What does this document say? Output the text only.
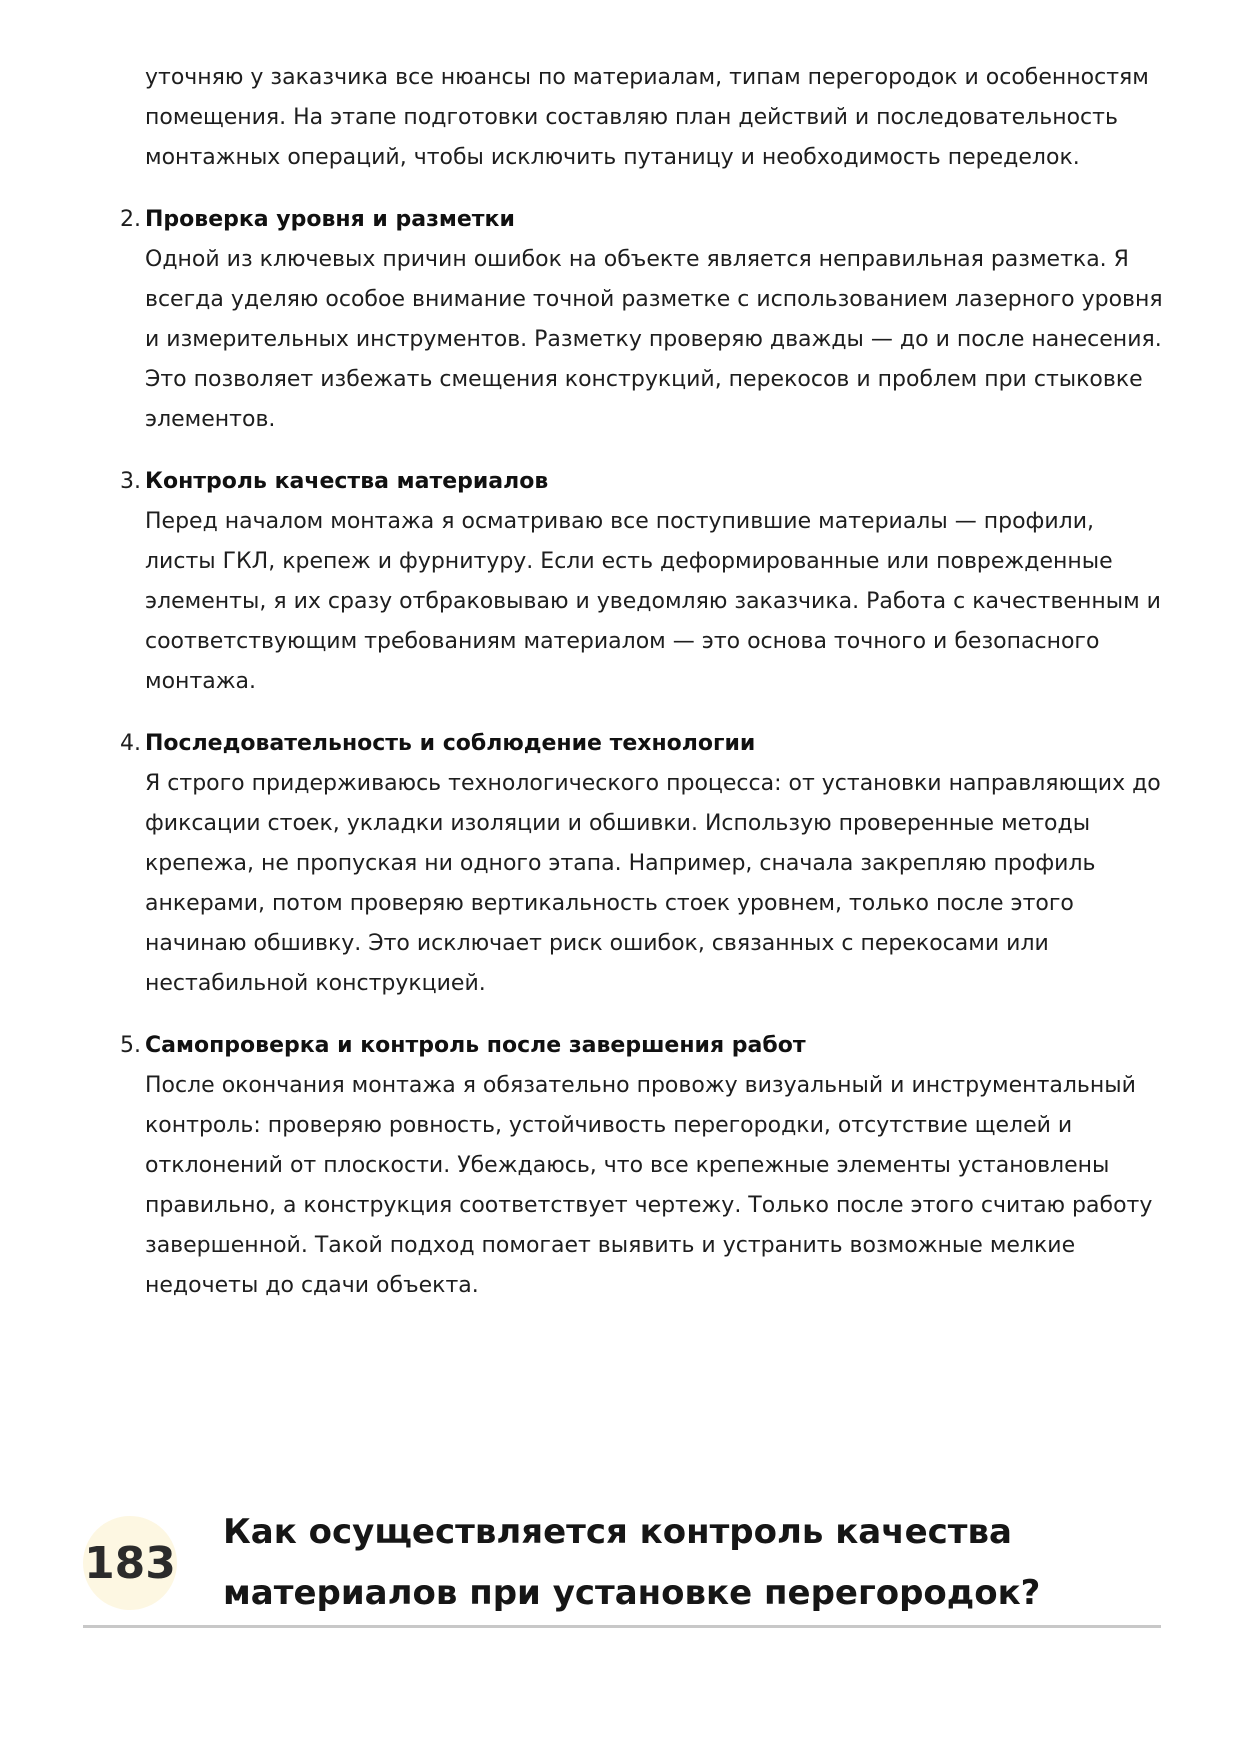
уточняю у заказчика все нюансы по материалам, типам перегородок и особенностям помещения. На этапе подготовки составляю план действий и последовательность монтажных операций, чтобы исключить путаницу и необходимость переделок.

2. Проверка уровня и разметки
Одной из ключевых причин ошибок на объекте является неправильная разметка. Я всегда уделяю особое внимание точной разметке с использованием лазерного уровня и измерительных инструментов. Разметку проверяю дважды — до и после нанесения. Это позволяет избежать смещения конструкций, перекосов и проблем при стыковке элементов.
3. Контроль качества материалов
Перед началом монтажа я осматриваю все поступившие материалы — профили, листы ГКЛ, крепеж и фурнитуру. Если есть деформированные или поврежденные элементы, я их сразу отбраковываю и уведомляю заказчика. Работа с качественным и соответствующим требованиям материалом — это основа точного и безопасного монтажа.
4. Последовательность и соблюдение технологии
Я строго придерживаюсь технологического процесса: от установки направляющих до фиксации стоек, укладки изоляции и обшивки. Использую проверенные методы крепежа, не пропуская ни одного этапа. Например, сначала закрепляю профиль анкерами, потом проверяю вертикальность стоек уровнем, только после этого начинаю обшивку. Это исключает риск ошибок, связанных с перекосами или нестабильной конструкцией.
5. Самопроверка и контроль после завершения работ
После окончания монтажа я обязательно провожу визуальный и инструментальный контроль: проверяю ровность, устойчивость перегородки, отсутствие щелей и отклонений от плоскости. Убеждаюсь, что все крепежные элементы установлены правильно, а конструкция соответствует чертежу. Только после этого считаю работу завершенной. Такой подход помогает выявить и устранить возможные мелкие недочеты до сдачи объекта.
183
Как осуществляется контроль качества материалов при установке перегородок?
